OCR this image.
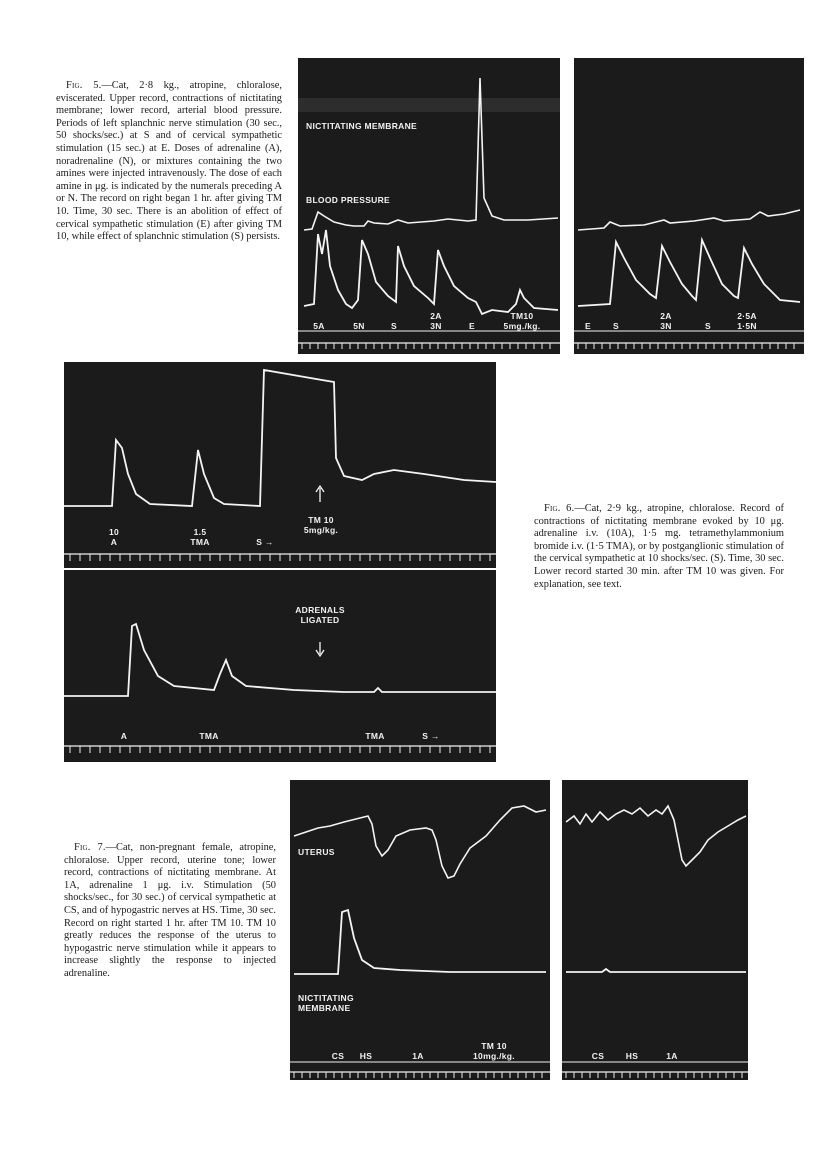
Fig. 5.—Cat, 2·8 kg., atropine, chloralose, eviscerated. Upper record, contractions of nictitating membrane; lower record, arterial blood pressure. Periods of left splanchnic nerve stimulation (30 sec., 50 shocks/sec.) at S and of cervical sympathetic stimulation (15 sec.) at E. Doses of adrenaline (A), noradrenaline (N), or mixtures containing the two amines were injected intravenously. The dose of each amine in μg. is indicated by the numerals preceding A or N. The record on right began 1 hr. after giving TM 10. Time, 30 sec. There is an abolition of effect of cervical sympathetic stimulation (E) after giving TM 10, while effect of splanchnic stimulation (S) persists.
NICTITATING MEMBRANE
BLOOD PRESSURE
5A	5N	S
2A
3N	E
TM10
5mg./kg.	E	S
2A
3N	S
2·5A
1·5N
10
A
1.5
TMA	S →
TM 10
5mg/kg.
ADRENALS
LIGATED
A	TMA	TMA	S →
Fig. 6.—Cat, 2·9 kg., atropine, chloralose. Record of contractions of nictitating membrane evoked by 10 μg. adrenaline i.v. (10A), 1·5 mg. tetramethylammonium bromide i.v. (1·5 TMA), or by postganglionic stimulation of the cervical sympathetic at 10 shocks/sec. (S). Time, 30 sec. Lower record started 30 min. after TM 10 was given. For explanation, see text.
Fig. 7.—Cat, non-pregnant female, atropine, chloralose. Upper record, uterine tone; lower record, contractions of nictitating membrane. At 1A, adrenaline 1 μg. i.v. Stimulation (50 shocks/sec., for 30 sec.) of cervical sympathetic at CS, and of hypogastric nerves at HS. Time, 30 sec. Record on right started 1 hr. after TM 10. TM 10 greatly reduces the response of the uterus to hypogastric nerve stimulation while it appears to increase slightly the response to injected adrenaline.
UTERUS
NICTITATING
MEMBRANE
CS	HS	1A
TM 10
10mg./kg.	CS	HS	1A
